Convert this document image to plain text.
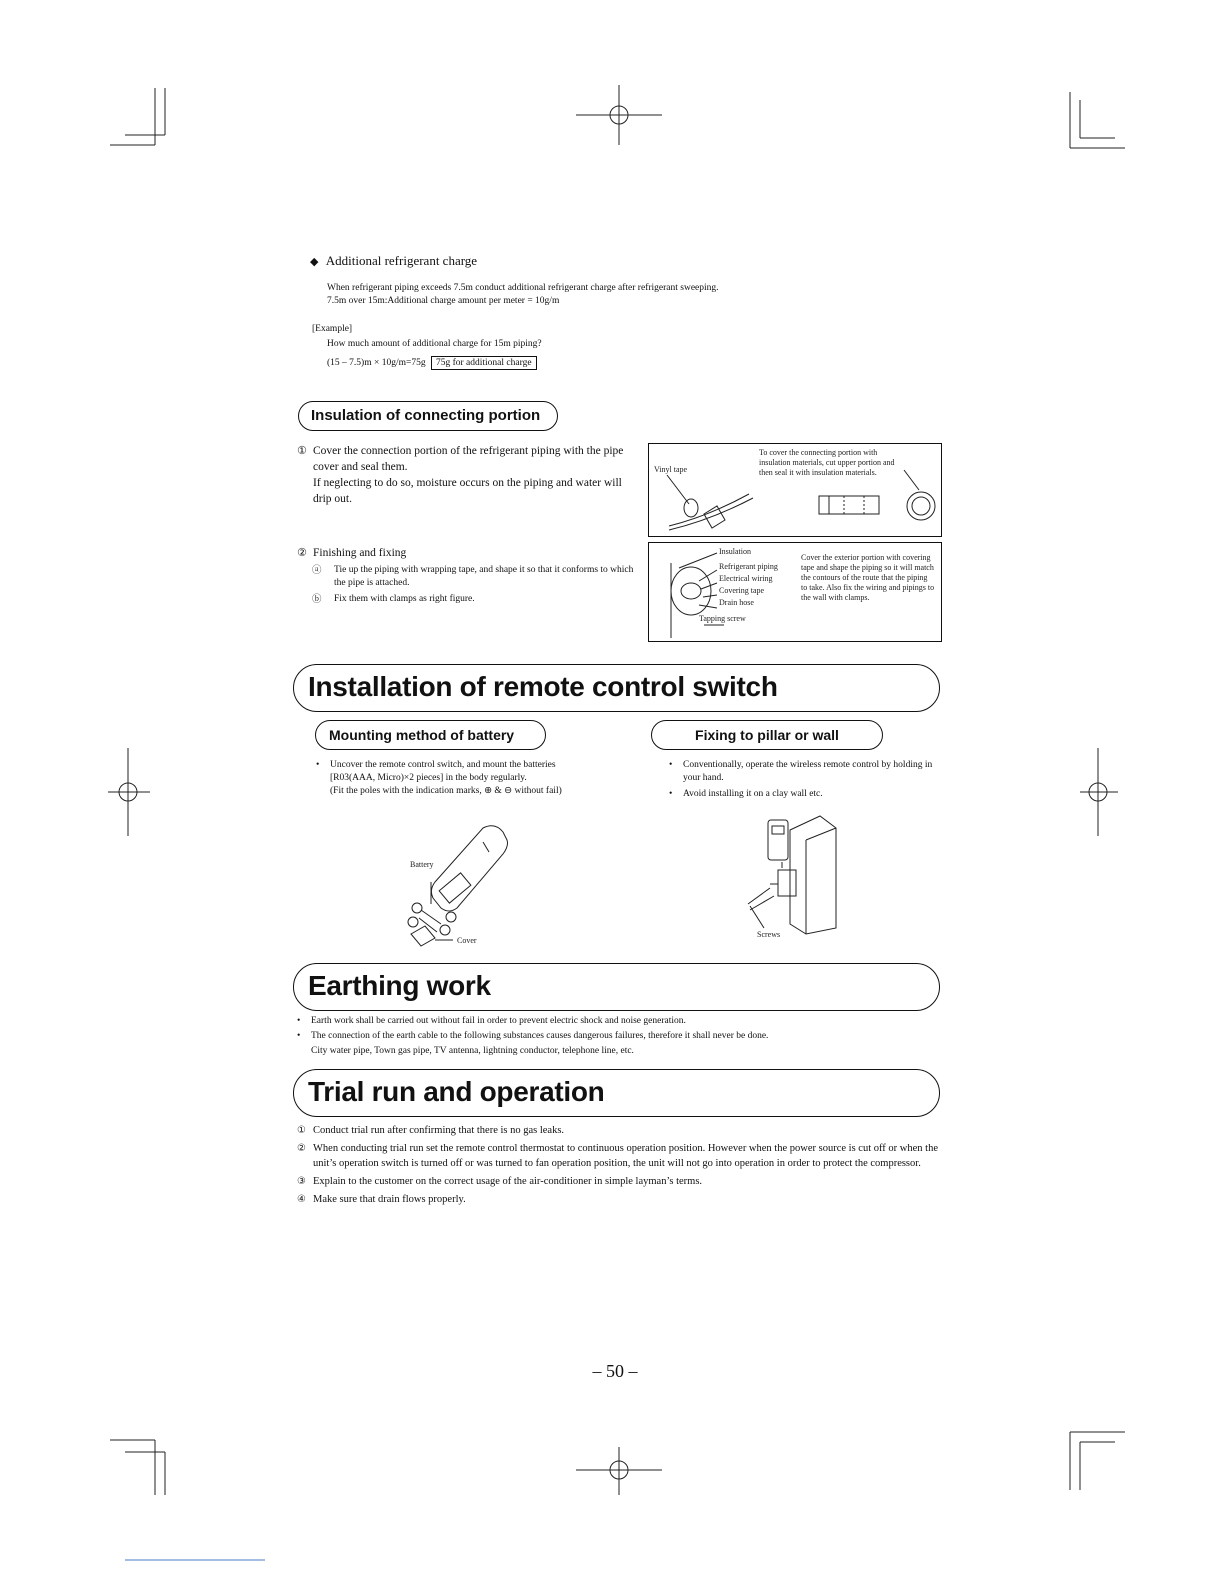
◆ Additional refrigerant charge
When refrigerant piping exceeds 7.5m conduct additional refrigerant charge after refrigerant sweeping.
7.5m over 15m:Additional charge amount per meter = 10g/m
[Example]
How much amount of additional charge for 15m piping?
(15 – 7.5)m × 10g/m=75g 75g for additional charge
Insulation of connecting portion
① Cover the connection portion of the refrigerant piping with the pipe cover and seal them.
If neglecting to do so, moisture occurs on the piping and water will drip out.
② Finishing and fixing
ⓐ Tie up the piping with wrapping tape, and shape it so that it conforms to which the pipe is attached.
ⓑ Fix them with clamps as right figure.
Vinyl tape
To cover the connecting portion with insulation materials, cut upper portion and then seal it with insulation materials.
Insulation
Refrigerant piping
Electrical wiring
Covering tape
Drain hose
Tapping screw
Cover the exterior portion with covering tape and shape the piping so it will match the contours of the route that the piping to take. Also fix the wiring and pipings to the wall with clamps.
Installation of remote control switch
Mounting method of battery	Fixing to pillar or wall
• Uncover the remote control switch, and mount the batteries [R03(AAA, Micro)×2 pieces] in the body regularly.
(Fit the poles with the indication marks, ⊕ & ⊖ without fail)
Battery
Cover
• Conventionally, operate the wireless remote control by holding in your hand.
• Avoid installing it on a clay wall etc.
Screws
Earthing work
• Earth work shall be carried out without fail in order to prevent electric shock and noise generation.
• The connection of the earth cable to the following substances causes dangerous failures, therefore it shall never be done.
City water pipe, Town gas pipe, TV antenna, lightning conductor, telephone line, etc.
Trial run and operation
① Conduct trial run after confirming that there is no gas leaks.
② When conducting trial run set the remote control thermostat to continuous operation position. However when the power source is cut off or when the unit’s operation switch is turned off or was turned to fan operation position, the unit will not go into operation in order to protect the compressor.
③ Explain to the customer on the correct usage of the air-conditioner in simple layman’s terms.
④ Make sure that drain flows properly.
– 50 –
